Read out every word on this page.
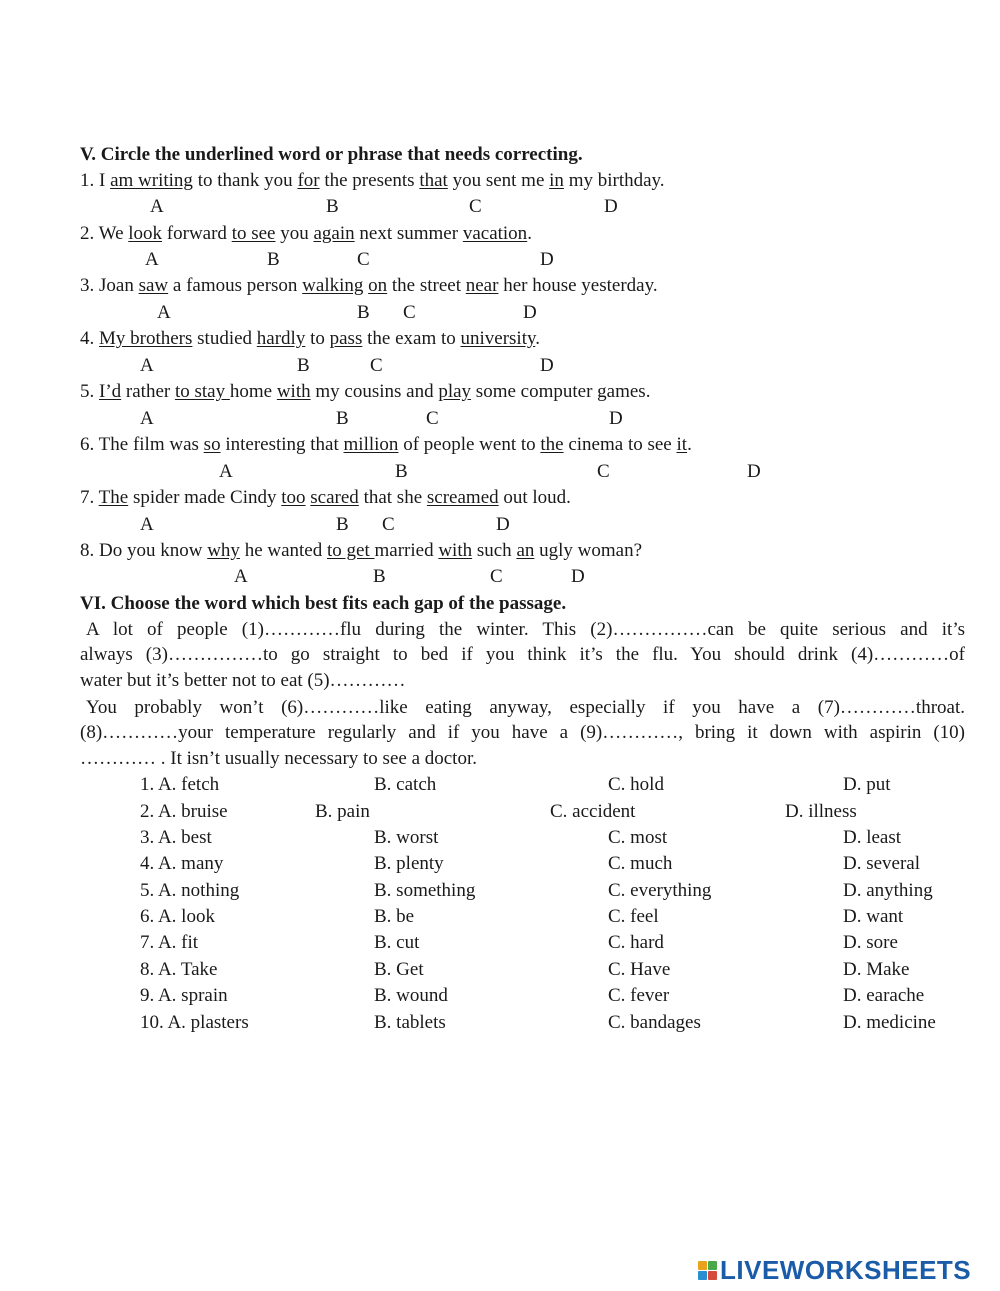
V. Circle the underlined word or phrase that needs correcting.
1. I am writing to thank you for the presents that you sent me in my birthday.
A	B	C	D
2. We look forward to see you again next summer vacation.
A	B	C	D
3. Joan saw a famous person walking on the street near her house yesterday.
A	B C	D
4. My brothers studied hardly to pass the exam to university.
A	B	C	D
5. I’d rather to stay home with my cousins and play some computer games.
A	B	C	D
6. The film was so interesting that million of people went to the cinema to see it.
A	B	C	D
7. The spider made Cindy too scared that she screamed out loud.
A	B C	D
8. Do you know why he wanted to get married with such an ugly woman?
A	B	C	D
VI. Choose the word which best fits each gap of the passage.
A lot of people (1)…………flu during the winter. This (2)……………can be quite serious and it’s
always (3)……………to go straight to bed if you think it’s the flu. You should drink (4)…………of
water but it’s better not to eat (5)…………
You probably won’t (6)…………like eating anyway, especially if you have a (7)…………throat.
(8)…………your temperature regularly and if you have a (9)…………, bring it down with aspirin (10)
………… . It isn’t usually necessary to see a doctor.
1. A. fetch	B. catch	C. hold	D. put
2. A. bruise	B. pain	C. accident	D. illness
3. A. best	B. worst	C. most	D. least
4. A. many	B. plenty	C. much	D. several
5. A. nothing	B. something	C. everything	D. anything
6. A. look	B. be	C. feel	D. want
7. A. fit	B. cut	C. hard	D. sore
8. A. Take	B. Get	C. Have	D. Make
9. A. sprain	B. wound	C. fever	D. earache
10. A. plasters	B. tablets	C. bandages	D. medicine
LIVEWORKSHEETS
